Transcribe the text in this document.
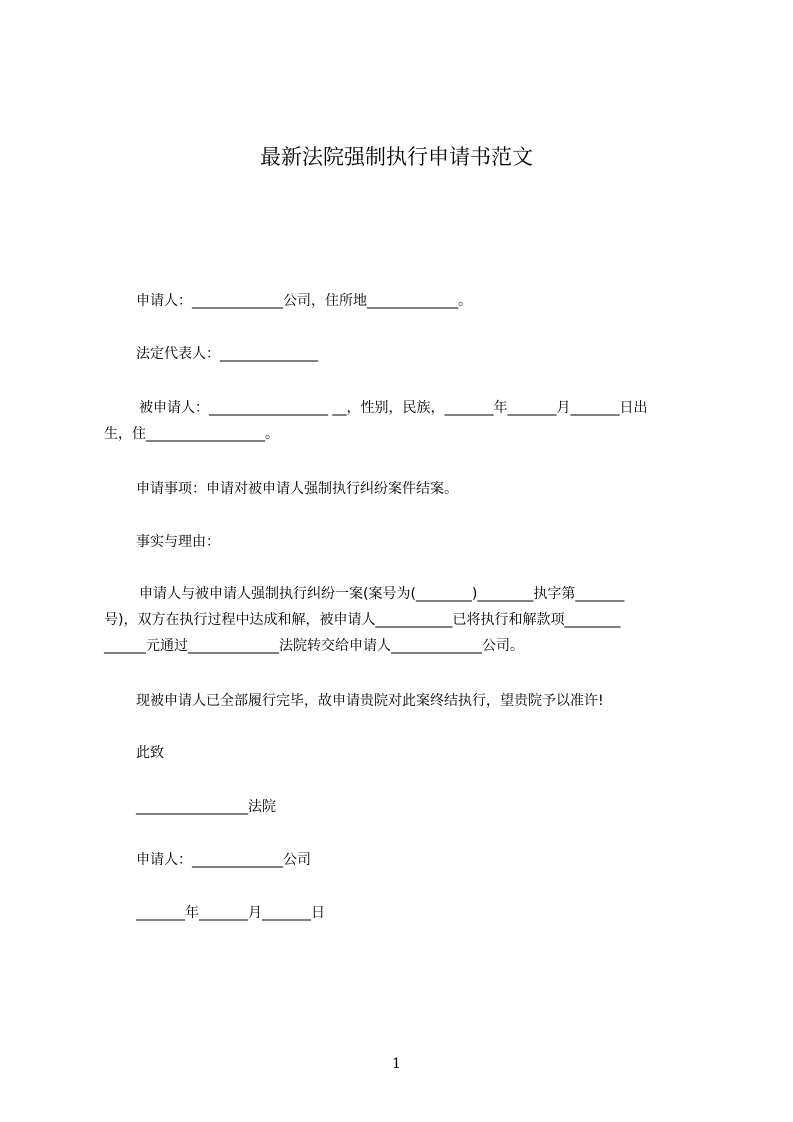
最新法院强制执行申请书范文

申请人：_____________公司，住所地_____________。

法定代表人：______________

被申请人：_________________ __，性别，民族，_______年_______月_______日出

生，住_________________。

申请事项：申请对被申请人强制执行纠纷案件结案。

事实与理由：

申请人与被申请人强制执行纠纷一案(案号为(________)________执字第_______

号)，双方在执行过程中达成和解，被申请人___________已将执行和解款项________

______元通过_____________法院转交给申请人_____________公司。

现被申请人已全部履行完毕，故申请贵院对此案终结执行，望贵院予以准许!

此致

________________法院

申请人：_____________公司

_______年_______月_______日

1
